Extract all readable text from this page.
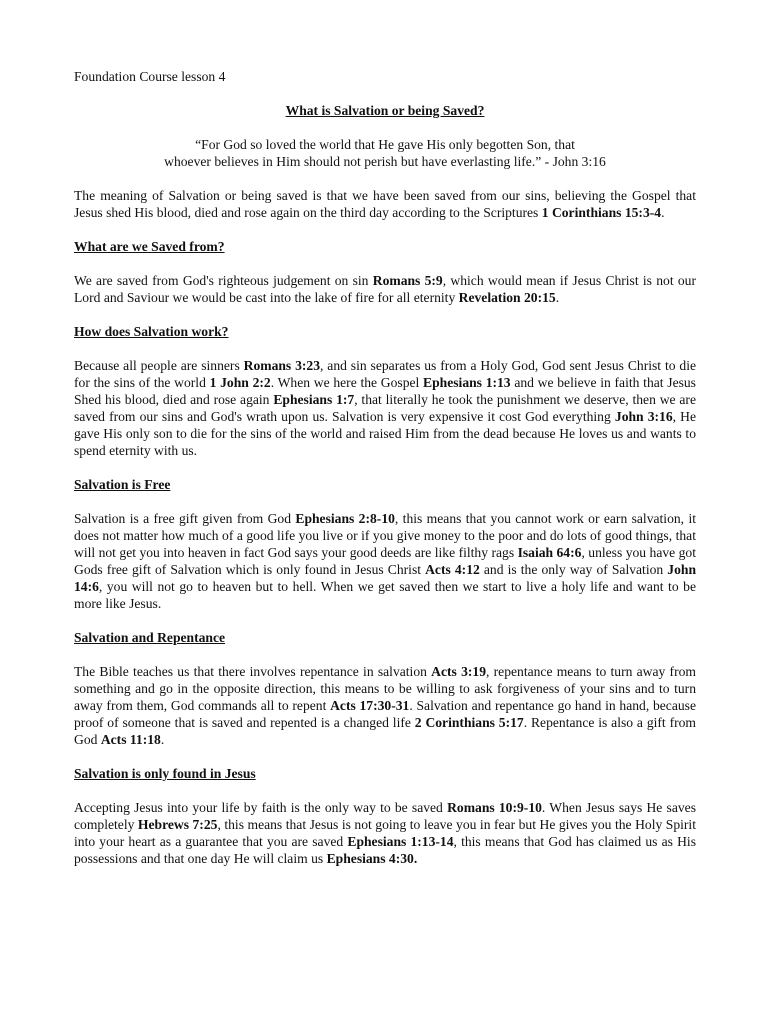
Foundation Course lesson 4
What is Salvation or being Saved?
“For God so loved the world that He gave His only begotten Son, that
whoever believes in Him should not perish but have everlasting life.” - John 3:16
The meaning of Salvation or being saved is that we have been saved from our sins, believing the Gospel that Jesus shed His blood, died and rose again on the third day according to the Scriptures 1 Corinthians 15:3-4.
What are we Saved from?
We are saved from God's righteous judgement on sin Romans 5:9, which would mean if Jesus Christ is not our Lord and Saviour we would be cast into the lake of fire for all eternity Revelation 20:15.
How does Salvation work?
Because all people are sinners Romans 3:23, and sin separates us from a Holy God, God sent Jesus Christ to die for the sins of the world 1 John 2:2. When we here the Gospel Ephesians 1:13 and we believe in faith that Jesus Shed his blood, died and rose again Ephesians 1:7, that literally he took the punishment we deserve, then we are saved from our sins and God's wrath upon us. Salvation is very expensive it cost God everything John 3:16, He gave His only son to die for the sins of the world and raised Him from the dead because He loves us and wants to spend eternity with us.
Salvation is Free
Salvation is a free gift given from God Ephesians 2:8-10, this means that you cannot work or earn salvation, it does not matter how much of a good life you live or if you give money to the poor and do lots of good things, that will not get you into heaven in fact God says your good deeds are like filthy rags Isaiah 64:6, unless you have got Gods free gift of Salvation which is only found in Jesus Christ Acts 4:12 and is the only way of Salvation John 14:6, you will not go to heaven but to hell. When we get saved then we start to live a holy life and want to be more like Jesus.
Salvation and Repentance
The Bible teaches us that there involves repentance in salvation Acts 3:19, repentance means to turn away from something and go in the opposite direction, this means to be willing to ask forgiveness of your sins and to turn away from them, God commands all to repent Acts 17:30-31. Salvation and repentance go hand in hand, because proof of someone that is saved and repented is a changed life 2 Corinthians 5:17. Repentance is also a gift from God Acts 11:18.
Salvation is only found in Jesus
Accepting Jesus into your life by faith is the only way to be saved Romans 10:9-10. When Jesus says He saves completely Hebrews 7:25, this means that Jesus is not going to leave you in fear but He gives you the Holy Spirit into your heart as a guarantee that you are saved Ephesians 1:13-14, this means that God has claimed us as His possessions and that one day He will claim us Ephesians 4:30.
